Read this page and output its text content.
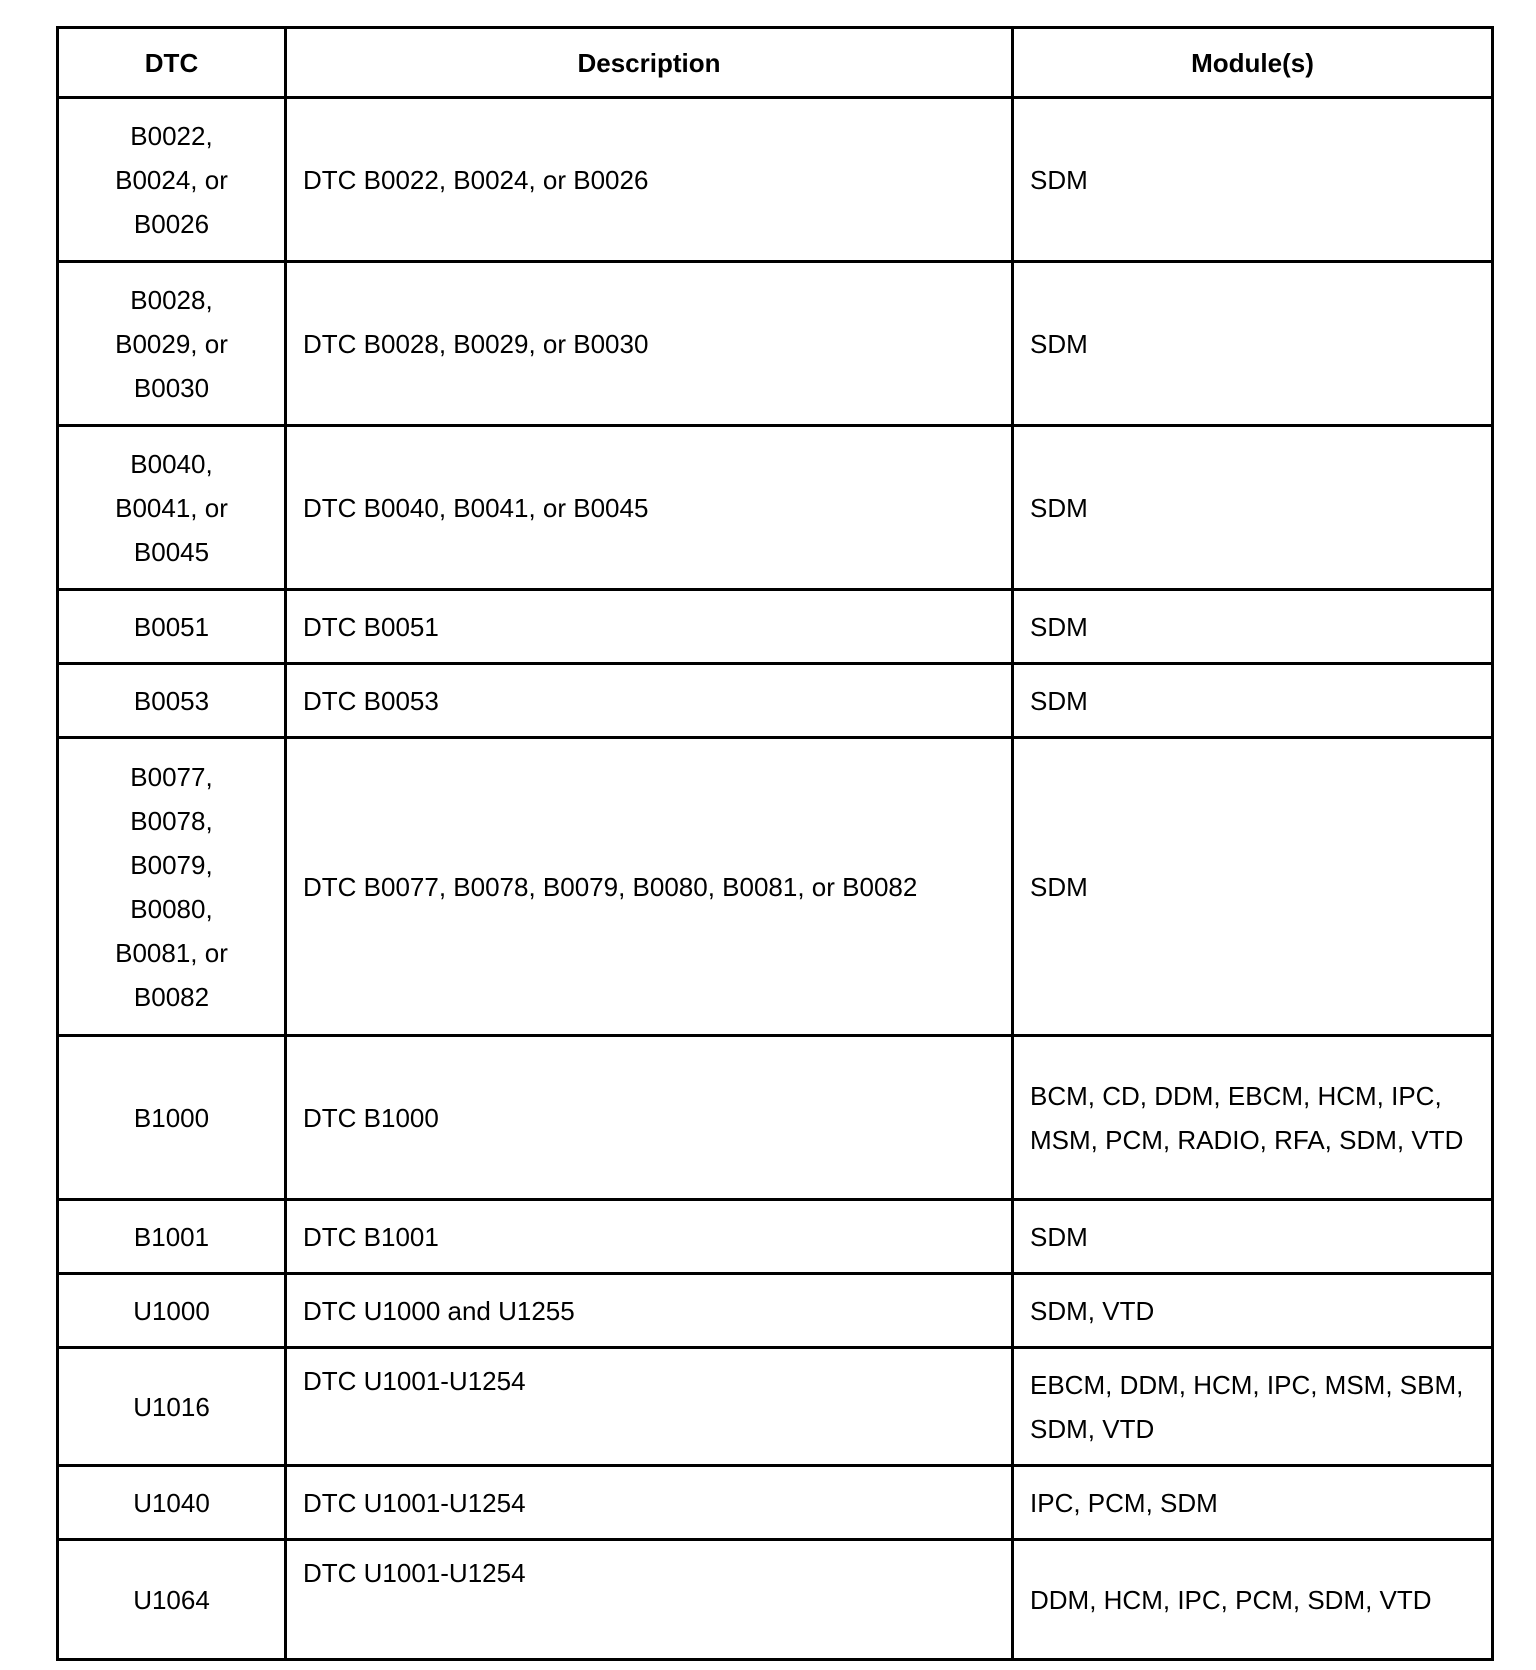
DTC	Description	Module(s)
B0022, B0024, or B0026	DTC B0022, B0024, or B0026	SDM
B0028, B0029, or B0030	DTC B0028, B0029, or B0030	SDM
B0040, B0041, or B0045	DTC B0040, B0041, or B0045	SDM
B0051	DTC B0051	SDM
B0053	DTC B0053	SDM
B0077, B0078, B0079, B0080, B0081, or B0082	DTC B0077, B0078, B0079, B0080, B0081, or B0082	SDM
B1000	DTC B1000	BCM, CD, DDM, EBCM, HCM, IPC, MSM, PCM, RADIO, RFA, SDM, VTD
B1001	DTC B1001	SDM
U1000	DTC U1000 and U1255	SDM, VTD
U1016	DTC U1001-U1254	EBCM, DDM, HCM, IPC, MSM, SBM, SDM, VTD
U1040	DTC U1001-U1254	IPC, PCM, SDM
U1064	DTC U1001-U1254	DDM, HCM, IPC, PCM, SDM, VTD
